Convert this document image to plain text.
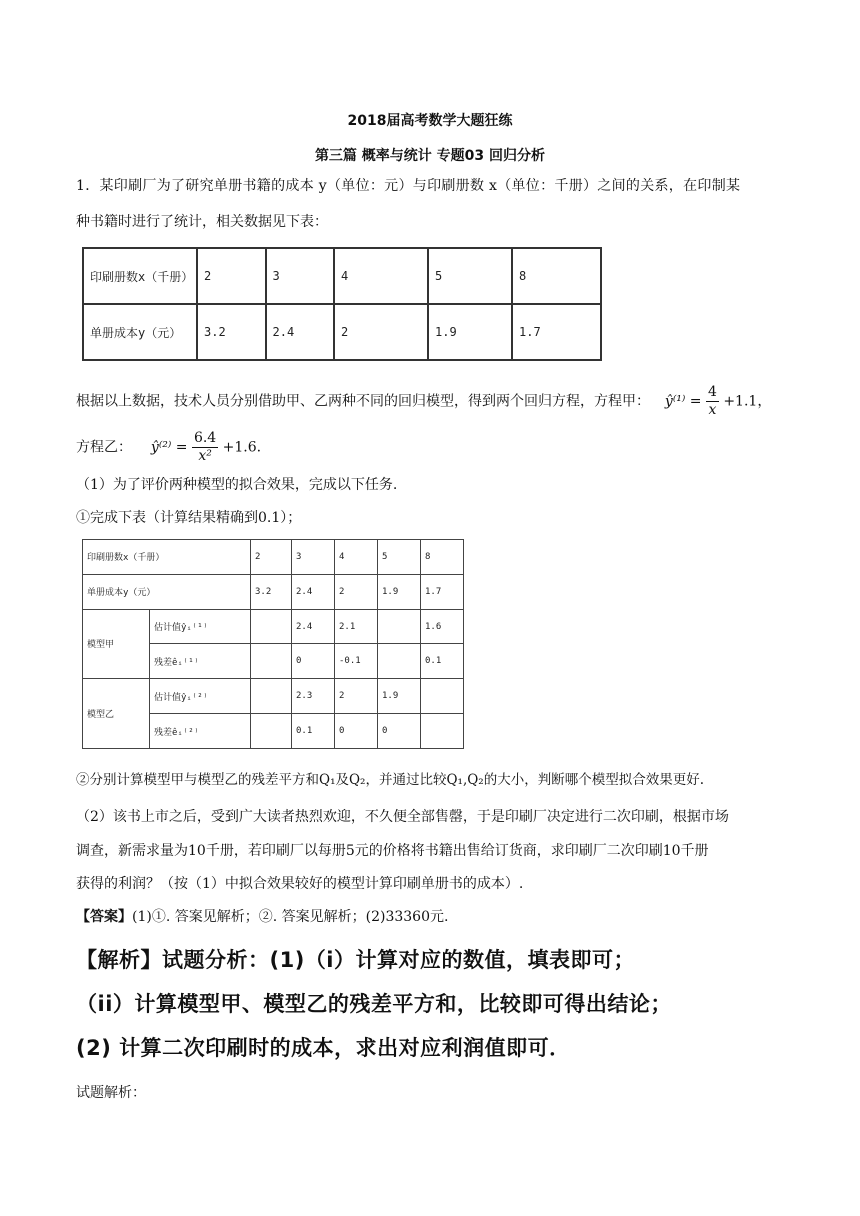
2018届高考数学大题狂练
第三篇 概率与统计 专题03 回归分析
1．某印刷厂为了研究单册书籍的成本 y（单位：元）与印刷册数 x（单位：千册）之间的关系，在印制某
种书籍时进行了统计，相关数据见下表：
印刷册数x（千册）	2	3	4	5	8
单册成本y（元）	3.2	2.4	2	1.9	1.7
根据以上数据，技术人员分别借助甲、乙两种不同的回归模型，得到两个回归方程，方程甲： ŷ⁽¹⁾ = $\frac{4}{x} +1.1$，
方程乙： ŷ⁽²⁾ = $\frac{6.4}{\text{x²}} +1.6$.
（1）为了评价两种模型的拟合效果，完成以下任务.
①完成下表（计算结果精确到0.1）；
印刷册数x（千册）		2	3	4	5	8
单册成本y（元）		3.2	2.4	2	1.9	1.7
模型甲	估计值ŷᵢ⁽¹⁾		2.4	2.1		1.6
	残差êᵢ⁽¹⁾		0	-0.1		0.1
模型乙	估计值ŷᵢ⁽²⁾		2.3	2	1.9	
	残差êᵢ⁽²⁾		0.1	0	0	
②分别计算模型甲与模型乙的残差平方和Q₁及Q₂，并通过比较Q₁,Q₂的大小，判断哪个模型拟合效果更好.
（2）该书上市之后，受到广大读者热烈欢迎，不久便全部售罄，于是印刷厂决定进行二次印刷，根据市场
调查，新需求量为10千册，若印刷厂以每册5元的价格将书籍出售给订货商，求印刷厂二次印刷10千册
获得的利润？（按（1）中拟合效果较好的模型计算印刷单册书的成本）.
【答案】(1)①. 答案见解析；②. 答案见解析；(2)33360元.
【解析】试题分析：(1)（i）计算对应的数值，填表即可；
（ii）计算模型甲、模型乙的残差平方和，比较即可得出结论；
(2) 计算二次印刷时的成本，求出对应利润值即可．
试题解析：
